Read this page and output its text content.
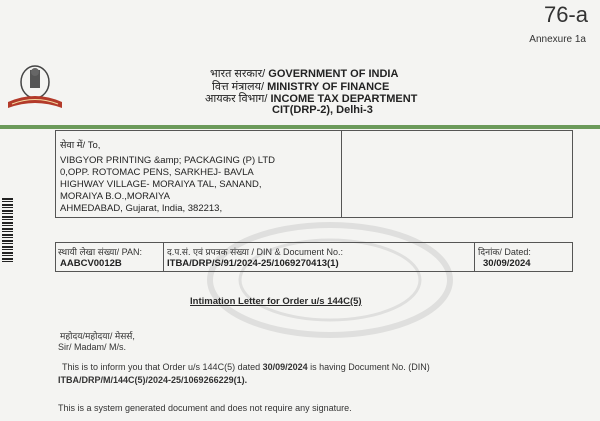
76-a
Annexure 1a
भारत सरकार/ GOVERNMENT OF INDIA
वित्त मंत्रालय/ MINISTRY OF FINANCE
आयकर विभाग/ INCOME TAX DEPARTMENT
CIT(DRP-2), Delhi-3
सेवा में/ To,
VIBGYOR PRINTING &amp; PACKAGING (P) LTD
0,OPP. ROTOMAC PENS, SARKHEJ- BAVLA
HIGHWAY VILLAGE- MORAIYA TAL, SANAND,
MORAIYA B.O.,MORAIYA
AHMEDABAD, Gujarat, India, 382213,
स्थायी लेखा संख्या/ PAN:
AABCV0012B
द.प.सं. एवं प्रपत्रक संख्या / DIN & Document No.:
ITBA/DRP/S/91/2024-25/1069270413(1)
दिनांक/ Dated:
30/09/2024
Intimation Letter for Order u/s 144C(5)
महोदय/महोदया/ मेसर्स,
Sir/ Madam/ M/s.
This is to inform you that Order u/s 144C(5) dated 30/09/2024 is having Document No. (DIN)
ITBA/DRP/M/144C(5)/2024-25/1069266229(1).
This is a system generated document and does not require any signature.
